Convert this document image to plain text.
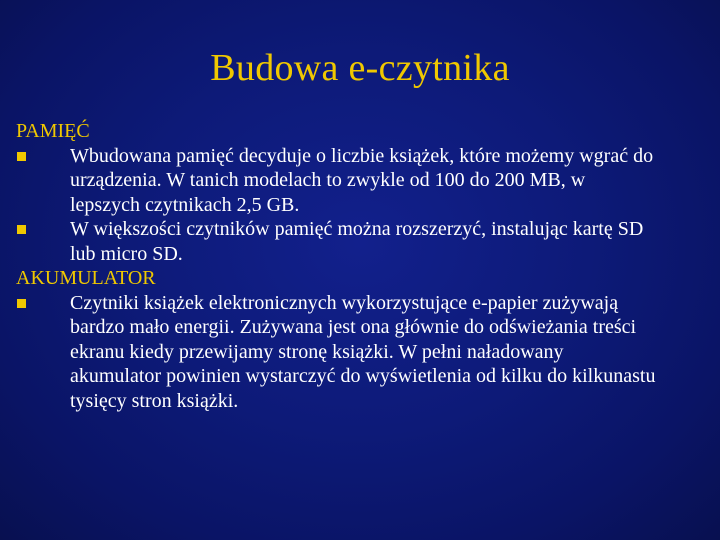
Budowa e-czytnika
PAMIĘĆ
Wbudowana pamięć decyduje o liczbie książek, które możemy wgrać do urządzenia. W tanich modelach to zwykle od 100 do 200 MB, w lepszych czytnikach 2,5 GB.
W większości czytników pamięć można rozszerzyć, instalując kartę SD lub micro SD.
AKUMULATOR
Czytniki książek elektronicznych wykorzystujące e-papier zużywają bardzo mało energii. Zużywana jest ona głównie do odświeżania treści ekranu kiedy przewijamy stronę książki. W pełni naładowany akumulator powinien wystarczyć do wyświetlenia od kilku do kilkunastu tysięcy stron książki.
